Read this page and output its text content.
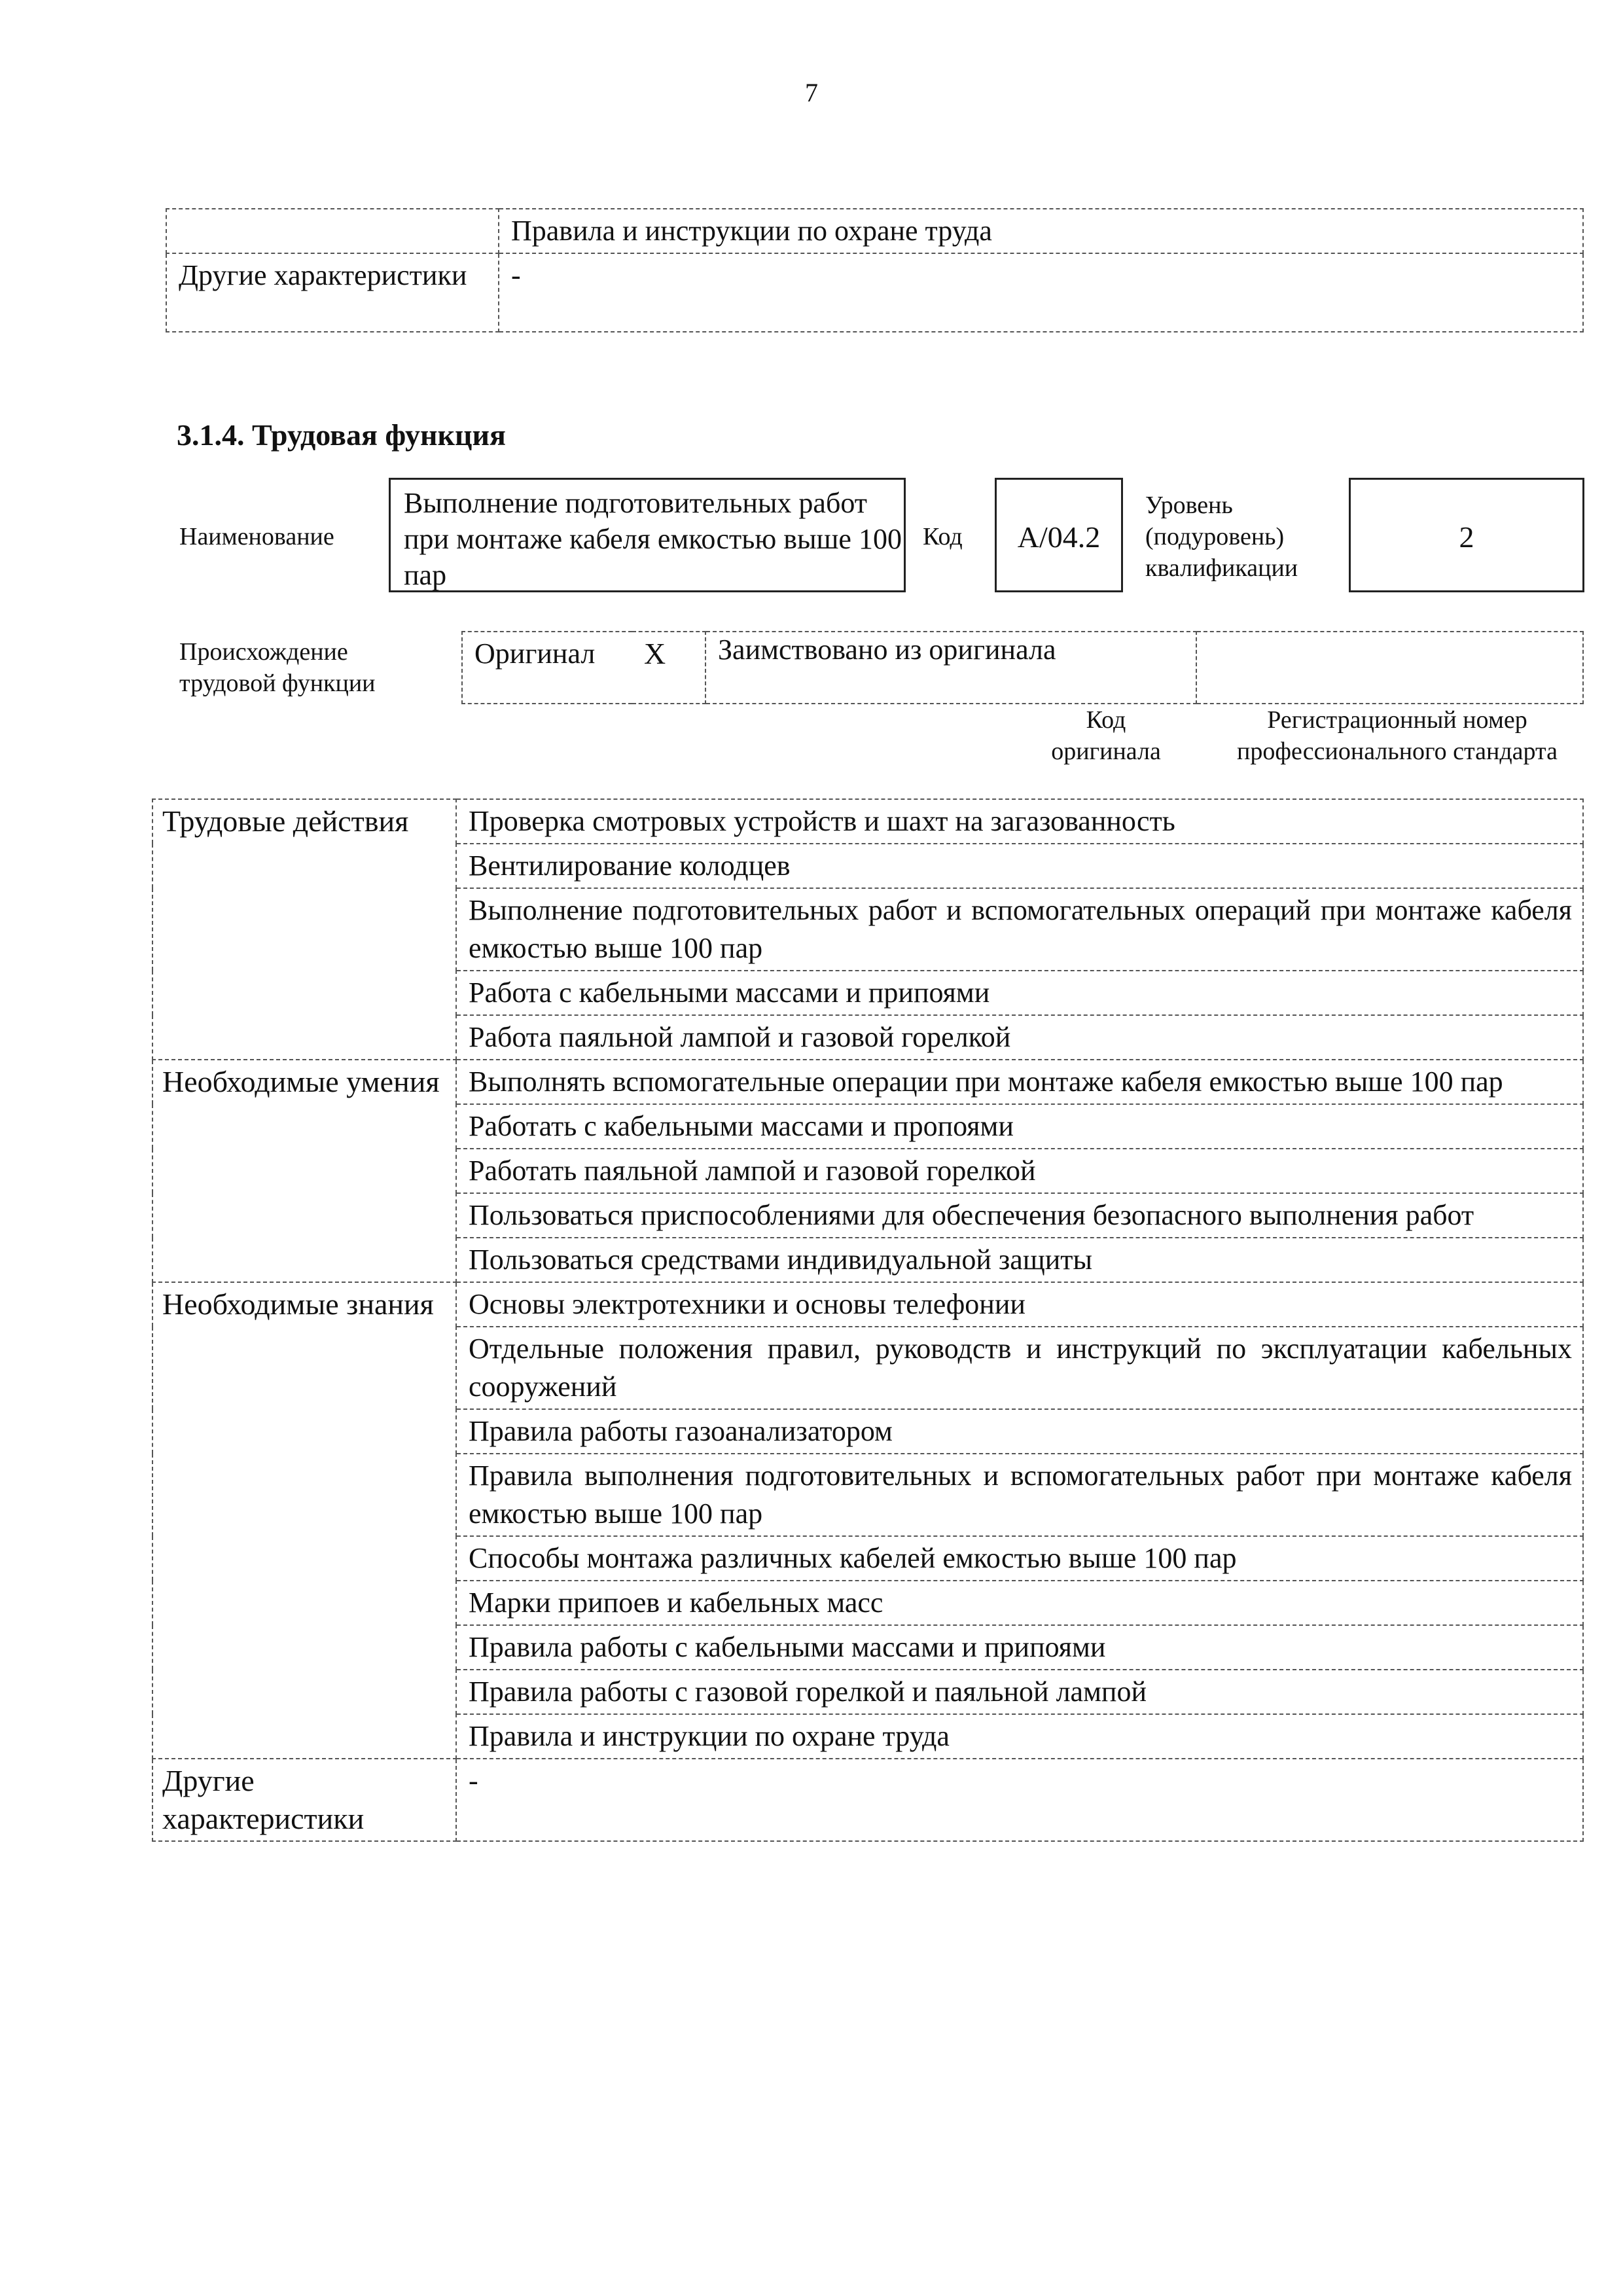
7
	Правила и инструкции по охране труда
Другие характеристики	-
3.1.4. Трудовая функция
Наименование
Выполнение подготовительных работ при монтаже кабеля емкостью выше 100 пар
Код	A/04.2
Уровень (подуровень) квалификации
2
Происхождение трудовой функции
Оригинал	X	Заимствовано из оригинала	
Код оригинала
Регистрационный номер профессионального стандарта
Трудовые действия	Проверка смотровых устройств и шахт на загазованность
	Вентилирование колодцев
	Выполнение подготовительных работ и вспомогательных операций при монтаже кабеля емкостью выше 100 пар
	Работа с кабельными массами и припоями
	Работа паяльной лампой и газовой горелкой
Необходимые умения	Выполнять вспомогательные операции при монтаже кабеля емкостью выше 100 пар
	Работать с кабельными массами и пропоями
	Работать паяльной лампой и газовой горелкой
	Пользоваться приспособлениями для обеспечения безопасного выполнения работ
	Пользоваться средствами индивидуальной защиты
Необходимые знания	Основы электротехники и основы телефонии
	Отдельные положения правил, руководств и инструкций по эксплуатации кабельных сооружений
	Правила работы газоанализатором
	Правила выполнения подготовительных и вспомогательных работ при монтаже кабеля емкостью выше 100 пар
	Способы монтажа различных кабелей емкостью выше 100 пар
	Марки припоев и кабельных масс
	Правила работы с кабельными массами и припоями
	Правила работы с газовой горелкой и паяльной лампой
	Правила и инструкции по охране труда
Другие характеристики	-
